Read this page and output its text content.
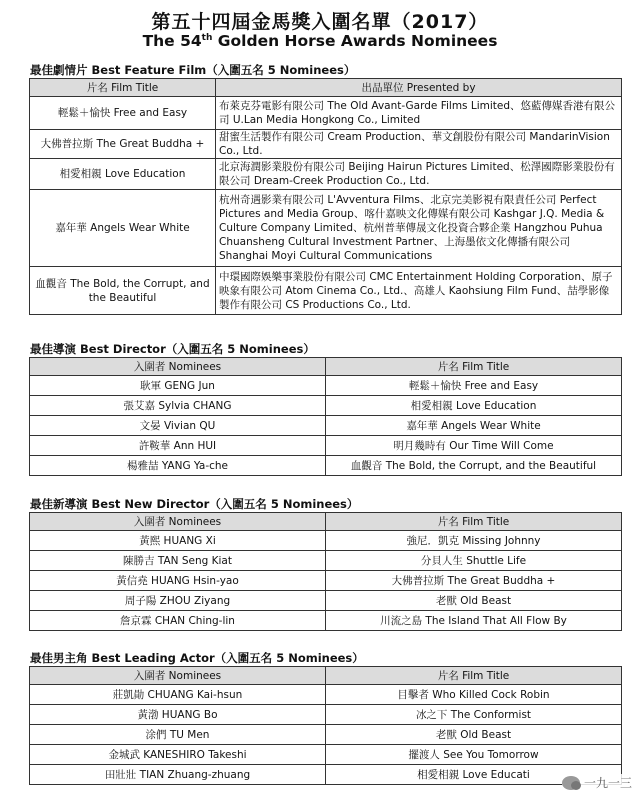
第五十四屆金馬獎入圍名單（2017）
The 54th Golden Horse Awards Nominees
最佳劇情片 Best Feature Film（入圍五名 5 Nominees）
片名 Film Title	出品單位 Presented by
輕鬆＋愉快 Free and Easy	布萊克芬電影有限公司 The Old Avant-Garde Films Limited、悠藍傳媒香港有限公司 U.Lan Media Hongkong Co., Limited
大佛普拉斯 The Great Buddha +	甜蜜生活製作有限公司 Cream Production、華文創股份有限公司 MandarinVision Co., Ltd.
相愛相親 Love Education	北京海潤影業股份有限公司 Beijing Hairun Pictures Limited、松澤國際影業股份有限公司 Dream-Creek Production Co., Ltd.
嘉年華 Angels Wear White	杭州奇遇影業有限公司 L'Avventura Films、北京完美影視有限責任公司 Perfect Pictures and Media Group、喀什嘉映文化傳媒有限公司 Kashgar J.Q. Media & Culture Company Limited、杭州普華傳晟文化投資合夥企業 Hangzhou Puhua Chuansheng Cultural Investment Partner、上海墨依文化傳播有限公司 Shanghai Moyi Cultural Communications
血觀音 The Bold, the Corrupt, and the Beautiful	中環國際娛樂事業股份有限公司 CMC Entertainment Holding Corporation、原子映象有限公司 Atom Cinema Co., Ltd.、高雄人 Kaohsiung Film Fund、喆學影像製作有限公司 CS Productions Co., Ltd.
最佳導演 Best Director（入圍五名 5 Nominees）
入圍者 Nominees	片名 Film Title
耿軍 GENG Jun	輕鬆＋愉快 Free and Easy
張艾嘉 Sylvia CHANG	相愛相親 Love Education
文晏 Vivian QU	嘉年華 Angels Wear White
許鞍華 Ann HUI	明月幾時有 Our Time Will Come
楊雅喆 YANG Ya-che	血觀音 The Bold, the Corrupt, and the Beautiful
最佳新導演 Best New Director（入圍五名 5 Nominees）
入圍者 Nominees	片名 Film Title
黃熙 HUANG Xi	強尼．凱克 Missing Johnny
陳勝吉 TAN Seng Kiat	分貝人生 Shuttle Life
黃信堯 HUANG Hsin-yao	大佛普拉斯 The Great Buddha +
周子陽 ZHOU Ziyang	老獸 Old Beast
詹京霖 CHAN Ching-lin	川流之島 The Island That All Flow By
最佳男主角 Best Leading Actor（入圍五名 5 Nominees）
入圍者 Nominees	片名 Film Title
莊凱勛 CHUANG Kai-hsun	目擊者 Who Killed Cock Robin
黃渤 HUANG Bo	冰之下 The Conformist
涂們 TU Men	老獸 Old Beast
金城武 KANESHIRO Takeshi	擺渡人 See You Tomorrow
田壯壯 TIAN Zhuang-zhuang	相愛相親 Love Educati
一九一三
